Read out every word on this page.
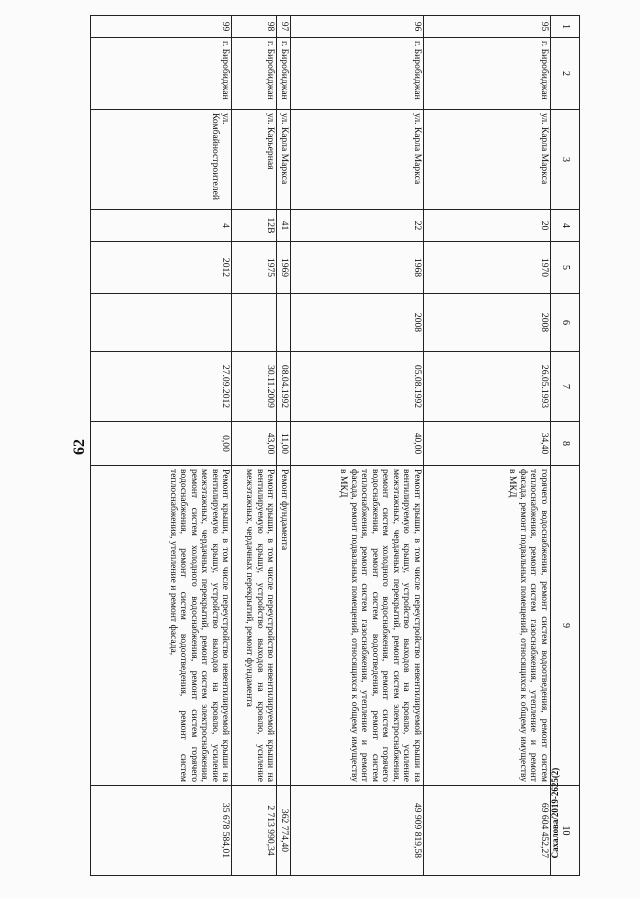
62
Сахалова/2019-2625(2)
1	2	3	4	5	6	7	8	9	10
95	г. Биробиджан	ул. Карла Маркса	20	1970	2008	26.05.1993	34,40	горячего водоснабжения, ремонт систем водоотведения, ремонт систем теплоснабжения, ремонт систем газоснабжения, утепление и ремонт фасада, ремонт подвальных помещений, относящихся к общему имуществу в МКД	69 604 452,27
96	г. Биробиджан	ул. Карла Маркса	22	1968	2008	05.08.1992	40,00	Ремонт крыши, в том числе переустройство невентилируемой крыши на вентилируемую крышу, устройство выходов на кровлю, усиление межэтажных, чердачных перекрытий, ремонт систем электроснабжения, ремонт систем холодного водоснабжения, ремонт систем горячего водоснабжения, ремонт систем водоотведения, ремонт систем теплоснабжения, ремонт систем газоснабжения, утепление и ремонт фасада, ремонт подвальных помещений, относящихся к общему имуществу в МКД	49 909 819,58
97	г. Биробиджан	ул. Карла Маркса	41	1969		08.04.1992	11,00	Ремонт фундамента	362 774,40
98	г. Биробиджан	ул. Карьерная	12В	1975		30.11.2009	43,00	Ремонт крыши, в том числе переустройство невентилируемой крыши на вентилируемую крышу, устройство выходов на кровлю, усиление межэтажных, чердачных перекрытий, ремонт фундамента	2 713 990,34
99	г. Биробиджан	ул. Комбайностроителей	4	2012		27.09.2012	0,00	Ремонт крыши, в том числе переустройство невентилируемой крыши на вентилируемую крышу, устройство выходов на кровлю, усиление межэтажных, чердачных перекрытий, ремонт систем электроснабжения, ремонт систем холодного водоснабжения, ремонт систем горячего водоснабжения, ремонт систем водоотведения, ремонт систем теплоснабжения, утепление и ремонт фасада,	35 678 584,01
